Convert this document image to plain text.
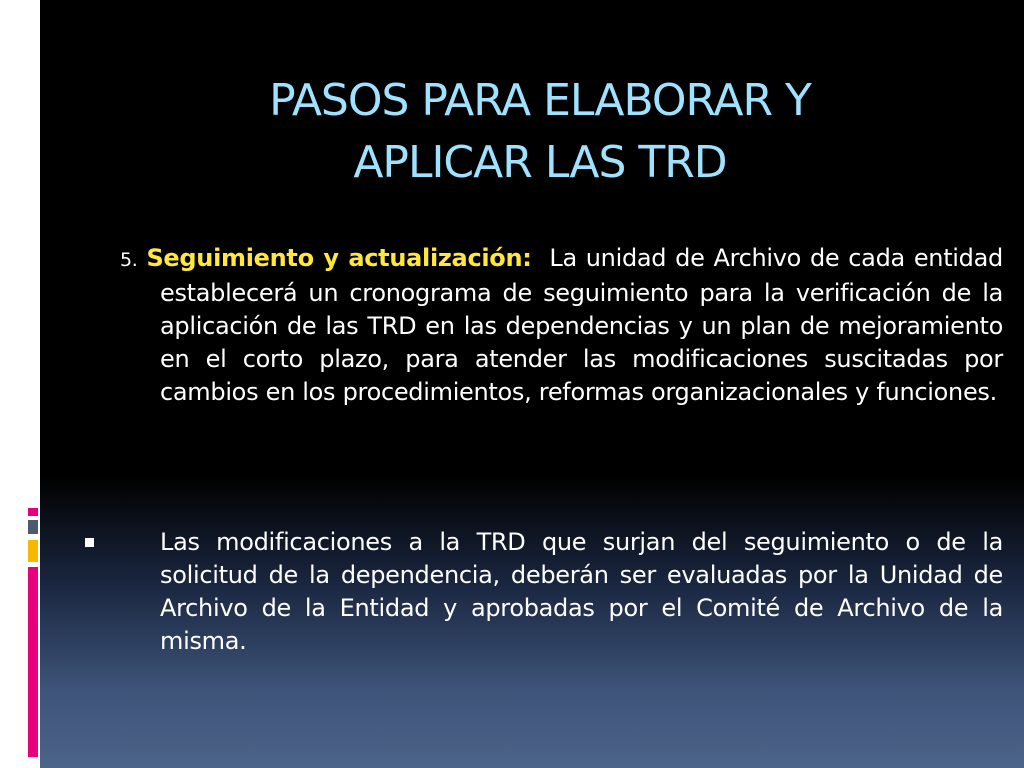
PASOS PARA ELABORAR Y
APLICAR LAS TRD
5. Seguimiento y actualización: La unidad de Archivo de cada entidad establecerá un cronograma de seguimiento para la verificación de la aplicación de las TRD en las dependencias y un plan de mejoramiento en el corto plazo, para atender las modificaciones suscitadas por cambios en los procedimientos, reformas organizacionales y funciones.
Las modificaciones a la TRD que surjan del seguimiento o de la solicitud de la dependencia, deberán ser evaluadas por la Unidad de Archivo de la Entidad y aprobadas por el Comité de Archivo de la misma.
